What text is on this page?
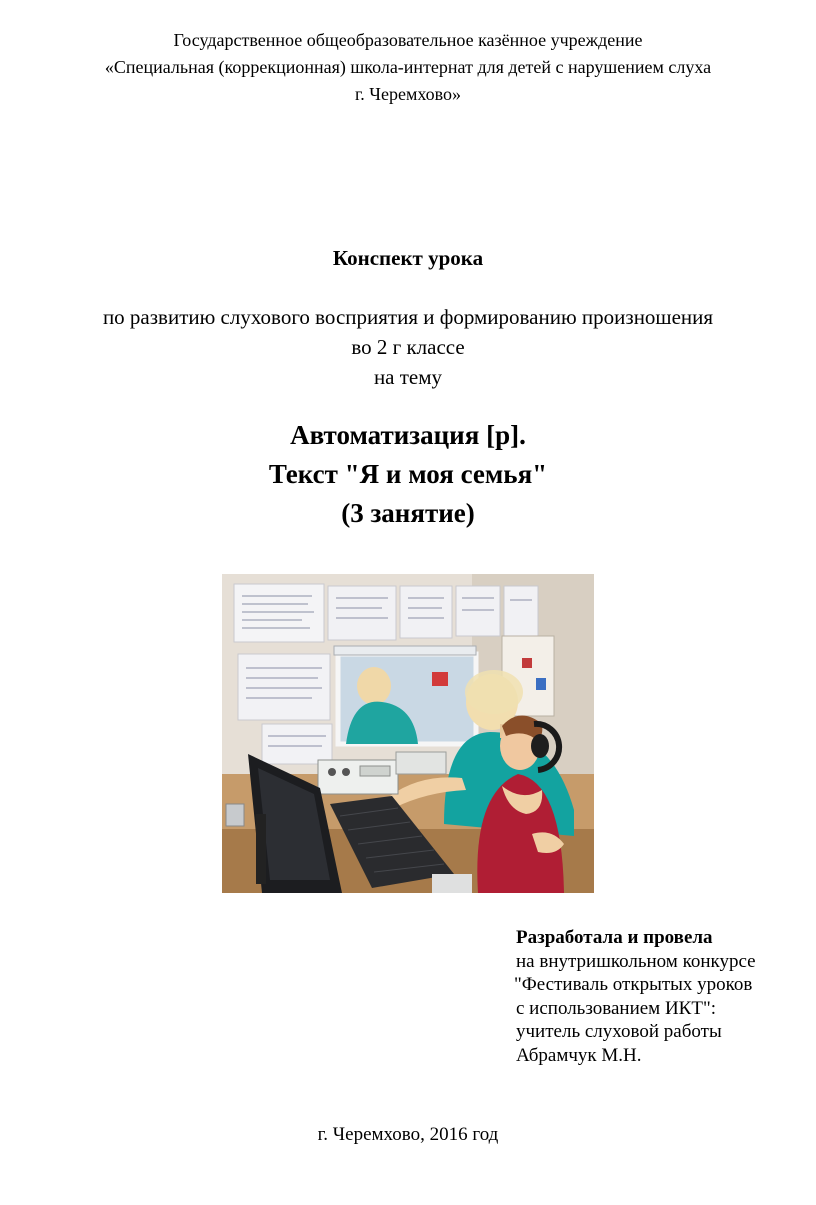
Государственное общеобразовательное казённое учреждение
«Специальная (коррекционная) школа-интернат для детей с нарушением слуха
г. Черемхово»
Конспект урока
по развитию слухового восприятия и формированию произношения
во 2 г классе
на тему
Автоматизация [р].
Текст "Я и моя семья"
(3 занятие)
Разработала и провела
на внутришкольном конкурсе
"Фестиваль открытых уроков
с использованием ИКТ":
учитель слуховой работы
Абрамчук М.Н.
г. Черемхово, 2016 год
